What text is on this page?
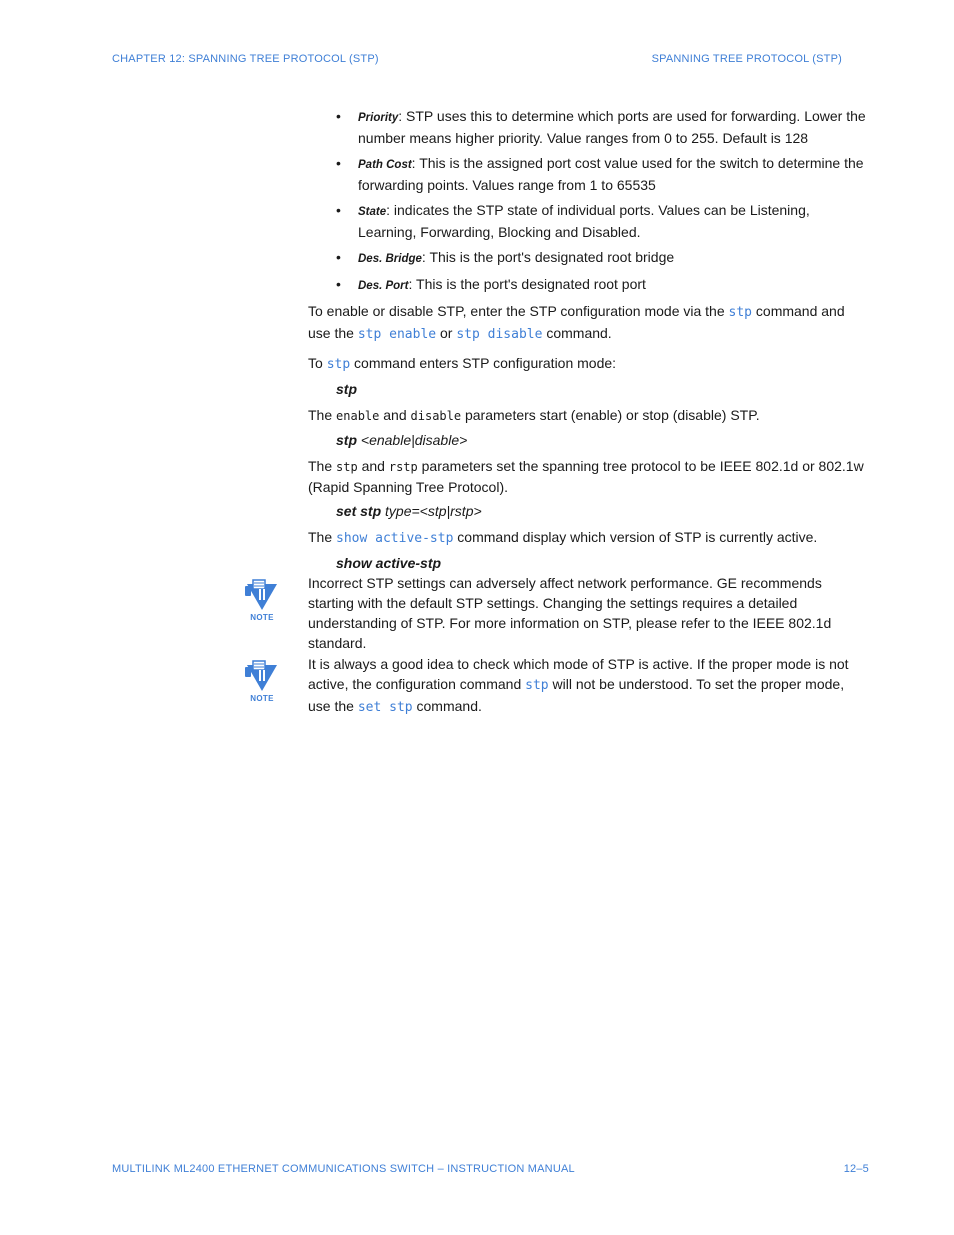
CHAPTER 12: SPANNING TREE PROTOCOL (STP)	SPANNING TREE PROTOCOL (STP)
• Priority: STP uses this to determine which ports are used for forwarding. Lower the number means higher priority. Value ranges from 0 to 255. Default is 128
• Path Cost: This is the assigned port cost value used for the switch to determine the forwarding points. Values range from 1 to 65535
• State: indicates the STP state of individual ports. Values can be Listening, Learning, Forwarding, Blocking and Disabled.
• Des. Bridge: This is the port's designated root bridge
• Des. Port: This is the port's designated root port

To enable or disable STP, enter the STP configuration mode via the stp command and use the stp enable or stp disable command.

To stp command enters STP configuration mode:

stp

The enable and disable parameters start (enable) or stop (disable) STP.

stp <enable|disable>

The stp and rstp parameters set the spanning tree protocol to be IEEE 802.1d or 802.1w (Rapid Spanning Tree Protocol).

set stp type=<stp|rstp>

The show active-stp command display which version of STP is currently active.

show active-stp
NOTE
Incorrect STP settings can adversely affect network performance. GE recommends starting with the default STP settings. Changing the settings requires a detailed understanding of STP. For more information on STP, please refer to the IEEE 802.1d standard.
NOTE
It is always a good idea to check which mode of STP is active. If the proper mode is not active, the configuration command stp will not be understood. To set the proper mode, use the set stp command.
MULTILINK ML2400 ETHERNET COMMUNICATIONS SWITCH – INSTRUCTION MANUAL	12–5
